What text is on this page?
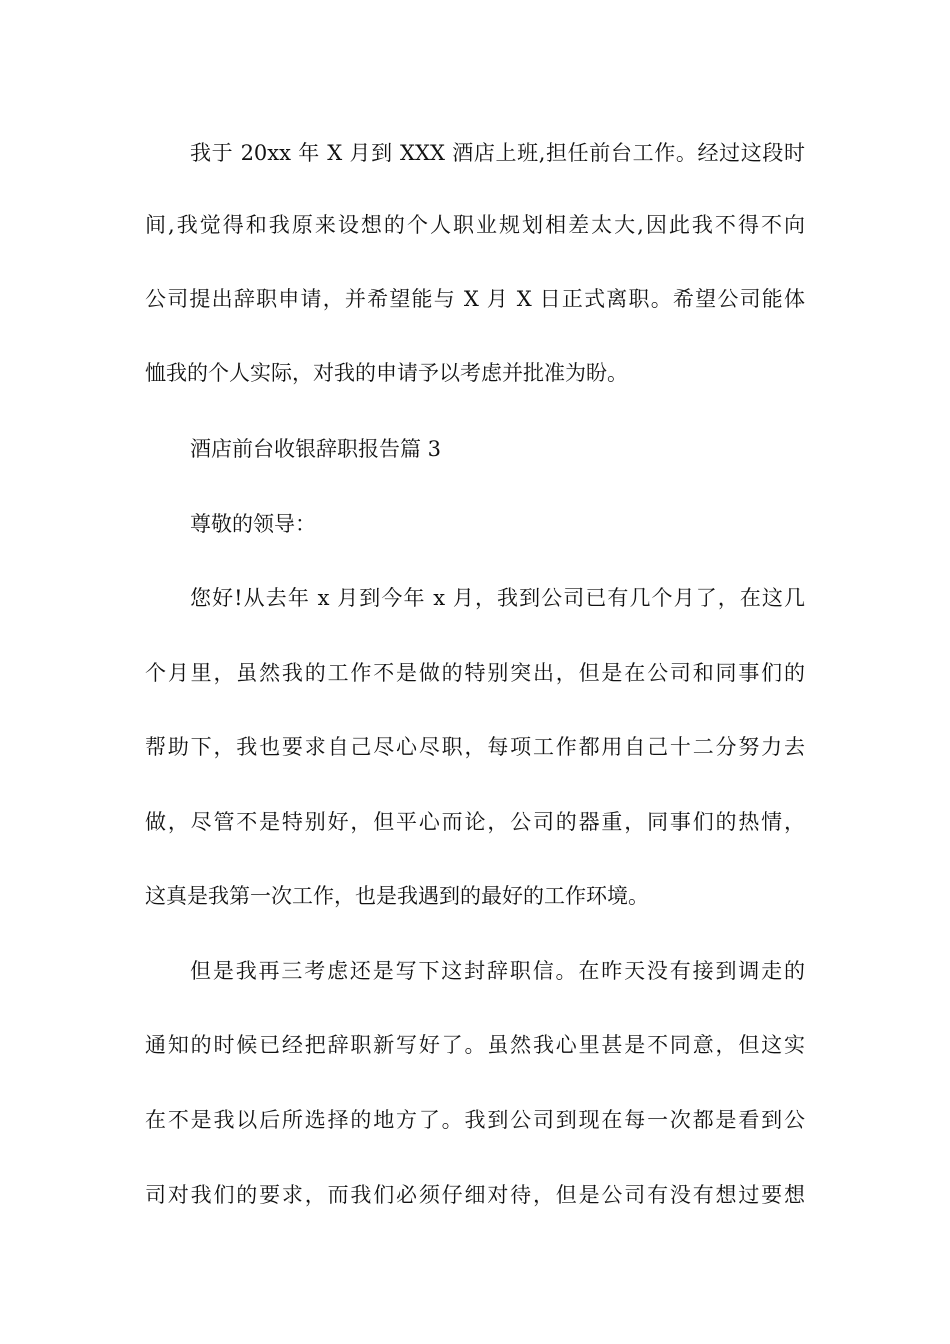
我于 20xx 年 X 月到 XXX 酒店上班,担任前台工作。经过这段时
间,我觉得和我原来设想的个人职业规划相差太大,因此我不得不向
公司提出辞职申请，并希望能与 X 月 X 日正式离职。希望公司能体
恤我的个人实际，对我的申请予以考虑并批准为盼。
酒店前台收银辞职报告篇 3
尊敬的领导：
您好!从去年 x 月到今年 x 月，我到公司已有几个月了，在这几
个月里，虽然我的工作不是做的特别突出，但是在公司和同事们的
帮助下，我也要求自己尽心尽职，每项工作都用自己十二分努力去
做，尽管不是特别好，但平心而论，公司的器重，同事们的热情，
这真是我第一次工作，也是我遇到的最好的工作环境。
但是我再三考虑还是写下这封辞职信。在昨天没有接到调走的
通知的时候已经把辞职新写好了。虽然我心里甚是不同意，但这实
在不是我以后所选择的地方了。我到公司到现在每一次都是看到公
司对我们的要求，而我们必须仔细对待，但是公司有没有想过要想
